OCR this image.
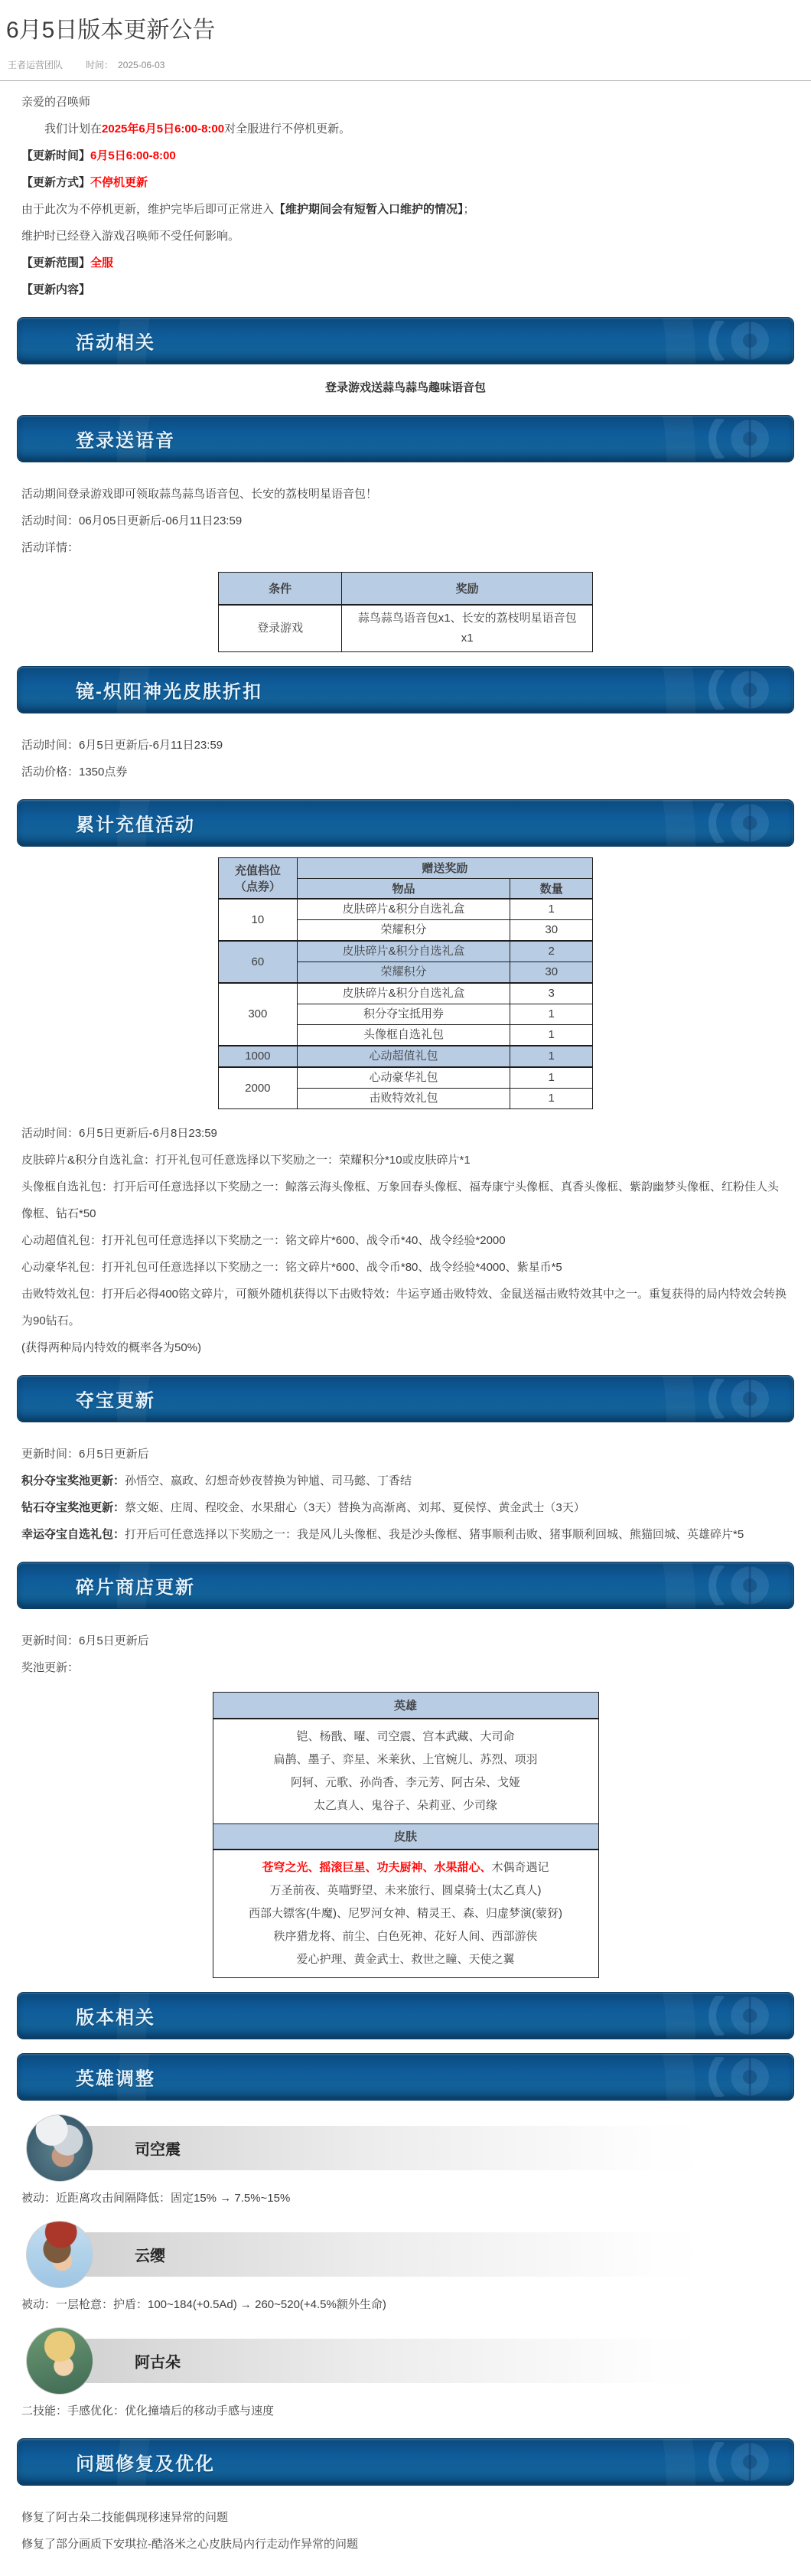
6月5日版本更新公告
王者运营团队	时间： 2025-06-03

亲爱的召唤师

我们计划在2025年6月5日6:00-8:00对全服进行不停机更新。

【更新时间】6月5日6:00-8:00

【更新方式】不停机更新

由于此次为不停机更新，维护完毕后即可正常进入【维护期间会有短暂入口维护的情况】；

维护时已经登入游戏召唤师不受任何影响。

【更新范围】全服

【更新内容】

活动相关

登录游戏送蒜鸟蒜鸟趣味语音包

登录送语音

活动期间登录游戏即可领取蒜鸟蒜鸟语音包、长安的荔枝明星语音包！

活动时间：06月05日更新后-06月11日23:59

活动详情：

条件	奖励
登录游戏	蒜鸟蒜鸟语音包x1、长安的荔枝明星语音包x1
镜-炽阳神光皮肤折扣

活动时间：6月5日更新后-6月11日23:59

活动价格：1350点券

累计充值活动
充值档位
（点券）	赠送奖励	
	物品	数量
10	皮肤碎片&积分自选礼盒	1
	荣耀积分	30
60	皮肤碎片&积分自选礼盒	2
	荣耀积分	30
300	皮肤碎片&积分自选礼盒	3
	积分夺宝抵用券	1
	头像框自选礼包	1
1000	心动超值礼包	1
2000	心动豪华礼包	1
	击败特效礼包	1

活动时间：6月5日更新后-6月8日23:59

皮肤碎片&积分自选礼盒：打开礼包可任意选择以下奖励之一：荣耀积分*10或皮肤碎片*1

头像框自选礼包：打开后可任意选择以下奖励之一：鲸落云海头像框、万象回春头像框、福寿康宁头像框、真香头像框、紫韵幽梦头像框、红粉佳人头像框、钻石*50

心动超值礼包：打开礼包可任意选择以下奖励之一：铭文碎片*600、战令币*40、战令经验*2000

心动豪华礼包：打开礼包可任意选择以下奖励之一：铭文碎片*600、战令币*80、战令经验*4000、紫星币*5

击败特效礼包：打开后必得400铭文碎片，可额外随机获得以下击败特效：牛运亨通击败特效、金鼠送福击败特效其中之一。重复获得的局内特效会转换为90钻石。

(获得两种局内特效的概率各为50%)

夺宝更新

更新时间：6月5日更新后

积分夺宝奖池更新：孙悟空、嬴政、幻想奇妙夜替换为钟馗、司马懿、丁香结

钻石夺宝奖池更新：蔡文姬、庄周、程咬金、水果甜心（3天）替换为高渐离、刘邦、夏侯惇、黄金武士（3天）

幸运夺宝自选礼包：打开后可任意选择以下奖励之一：我是风儿头像框、我是沙头像框、猪事顺利击败、猪事顺利回城、熊猫回城、英雄碎片*5

碎片商店更新

更新时间：6月5日更新后

奖池更新：

英雄

铠、杨戬、曜、司空震、宫本武藏、大司命
扁鹊、墨子、弈星、米莱狄、上官婉儿、苏烈、项羽
阿轲、元歌、孙尚香、李元芳、阿古朵、戈娅
太乙真人、鬼谷子、朵莉亚、少司缘

皮肤

苍穹之光、摇滚巨星、功夫厨神、水果甜心、木偶奇遇记
万圣前夜、英喵野望、未来旅行、圆桌骑士(太乙真人)
西部大镖客(牛魔)、尼罗河女神、精灵王、森、归虚梦演(蒙犽)
秩序猎龙将、前尘、白色死神、花好人间、西部游侠
爱心护理、黄金武士、救世之瞳、天使之翼
版本相关
英雄调整
司空震

被动：近距离攻击间隔降低：固定15% → 7.5%~15%

云缨

被动：一层枪意：护盾：100~184(+0.5Ad) → 260~520(+4.5%额外生命)

阿古朵

二技能：手感优化：优化撞墙后的移动手感与速度

问题修复及优化

修复了阿古朵二技能偶现移速异常的问题

修复了部分画质下安琪拉-酷洛米之心皮肤局内行走动作异常的问题
